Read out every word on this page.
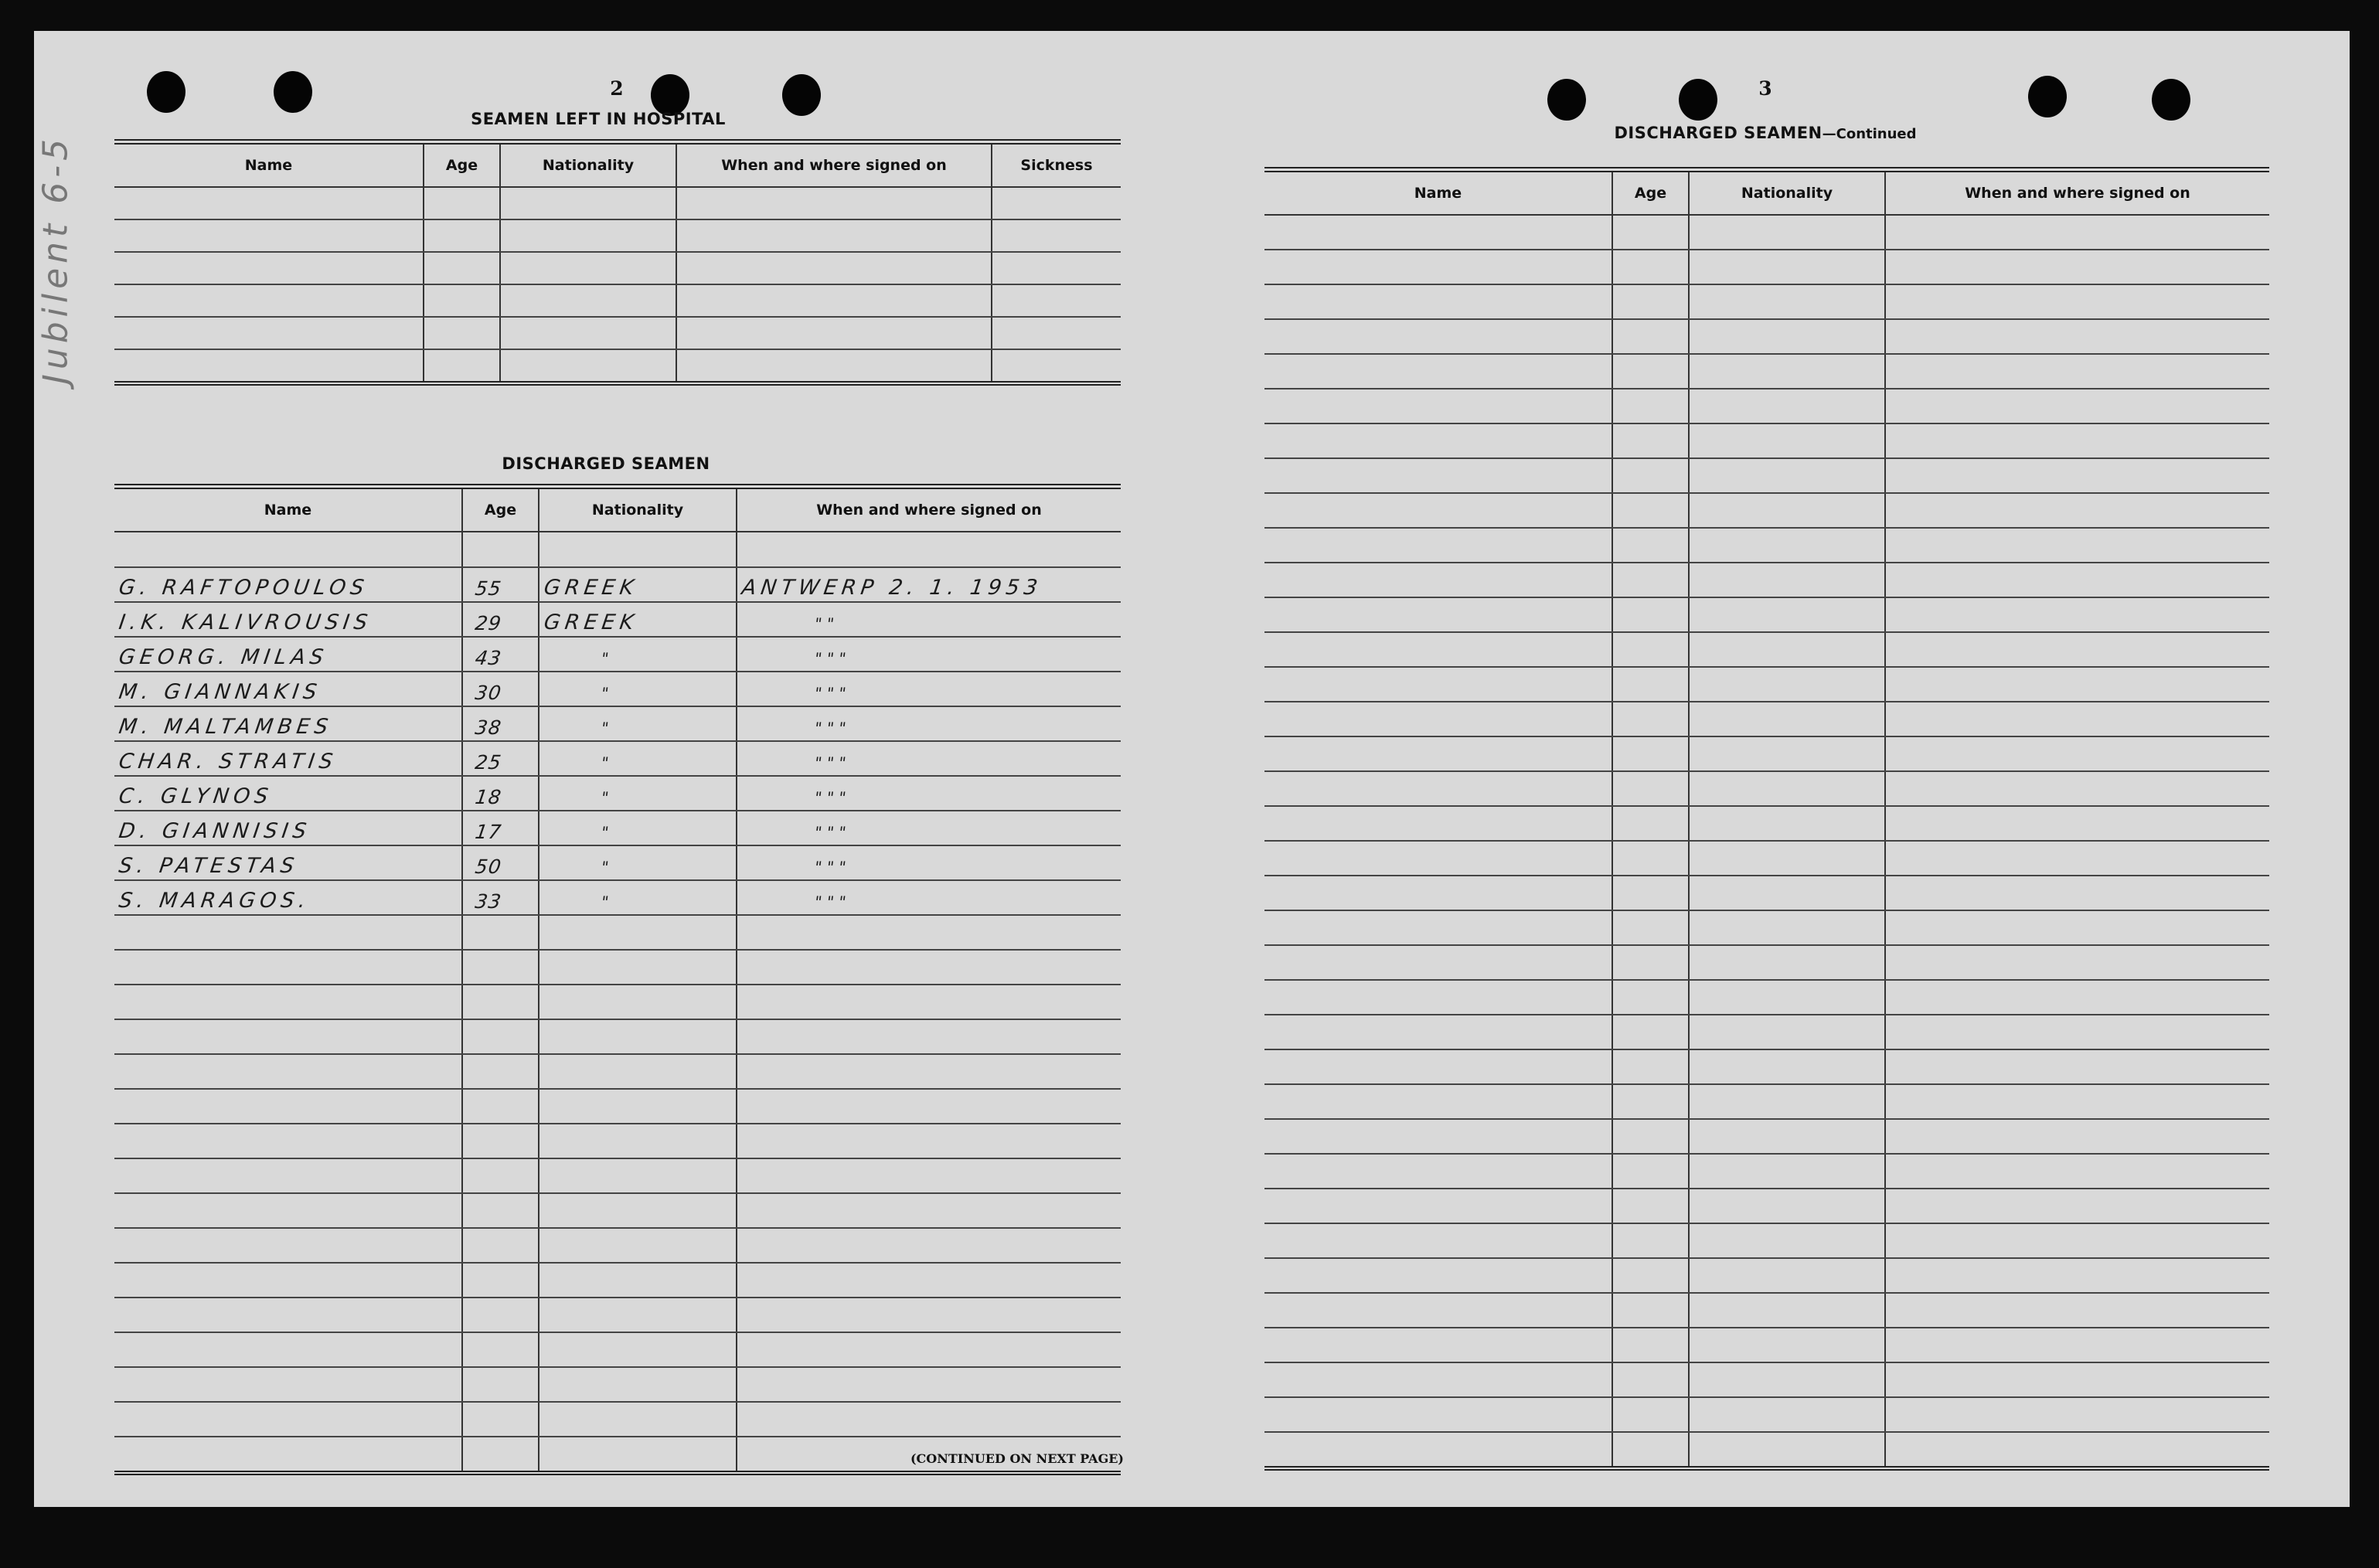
Jubilent 6-5
2
SEAMEN LEFT IN HOSPITAL
Name	Age	Nationality	When and where signed on	Sickness

DISCHARGED SEAMEN
Name	Age	Nationality	When and where signed on

G. RAFTOPOULOS	55	GREEK	ANTWERP 2. 1. 1953

I.K. KALIVROUSIS	29	GREEK	" "

GEORG. MILAS	43	"	" " "

M. GIANNAKIS	30	"	" " "

M. MALTAMBES	38	"	" " "

CHAR. STRATIS	25	"	" " "

C. GLYNOS	18	"	" " "

D. GIANNISIS	17	"	" " "

S. PATESTAS	50	"	" " "

S. MARAGOS.	33	"	" " "

(CONTINUED ON NEXT PAGE)
3
DISCHARGED SEAMEN—Continued
Name	Age	Nationality	When and where signed on
